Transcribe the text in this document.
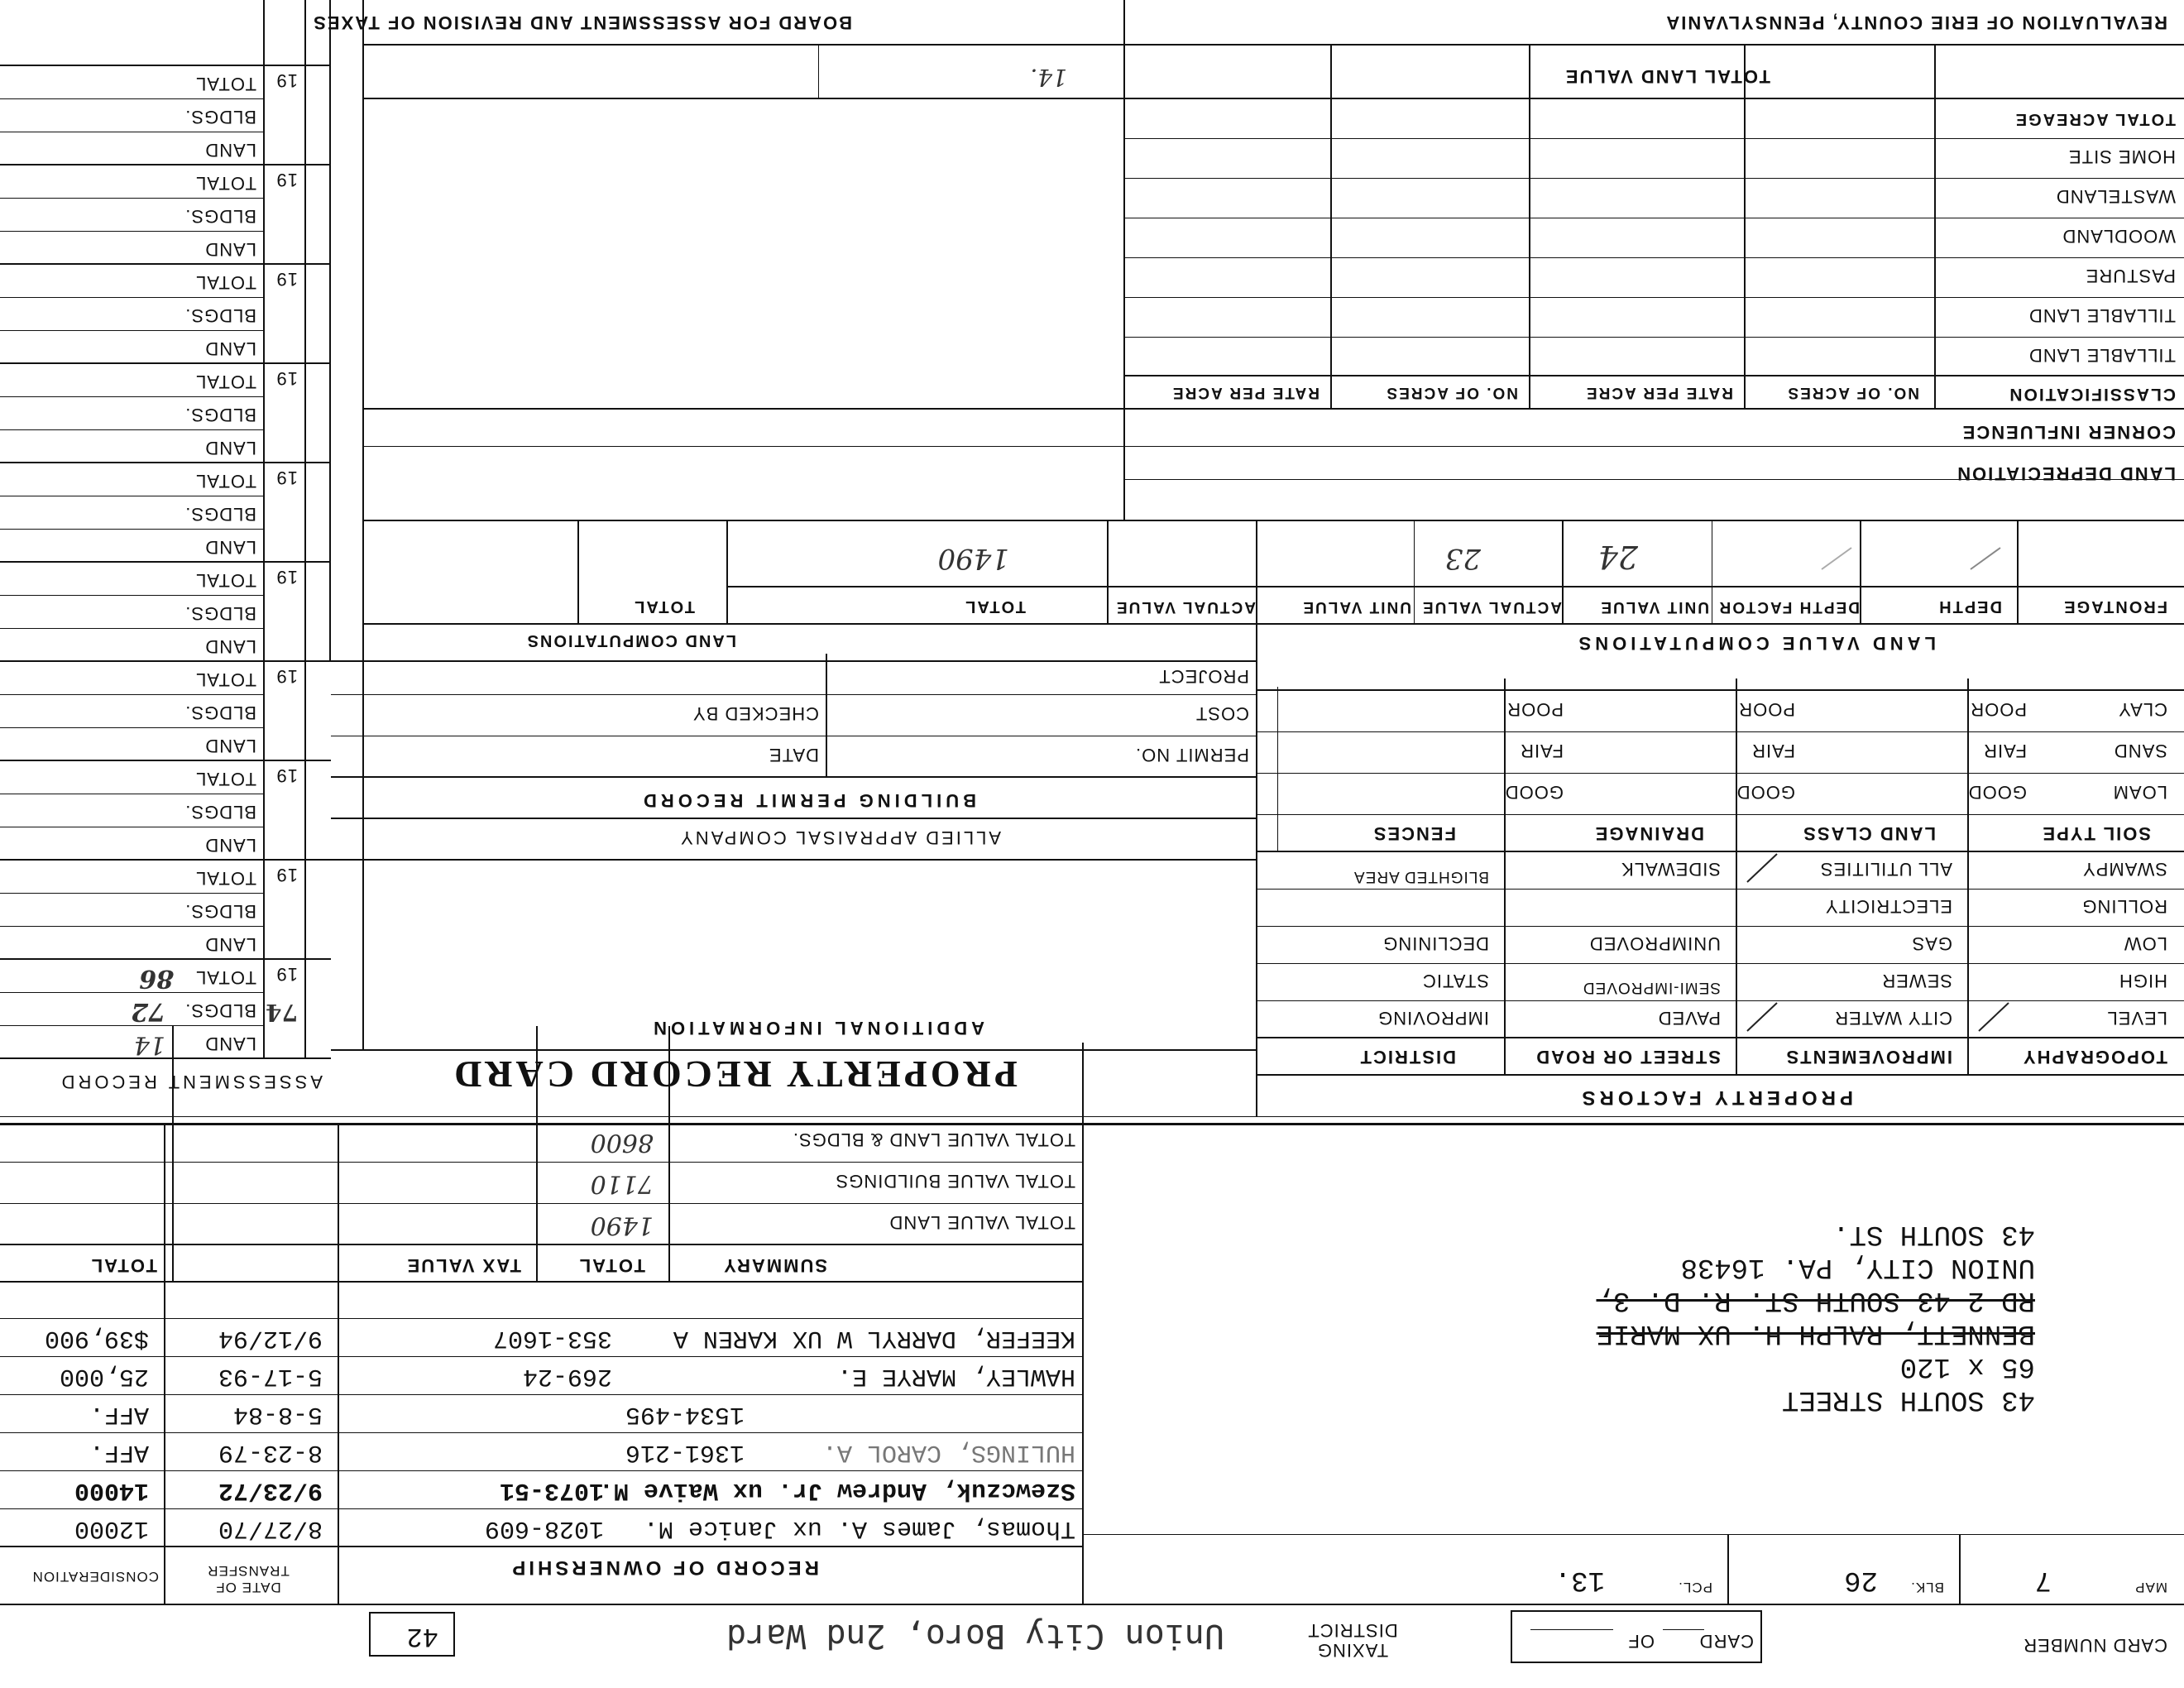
CARD NUMBER
CARD
OF
TAXING DISTRICT
Union City Boro, 2nd Ward
42
MAP
7
BLK.
26
PCL.
13.
43 SOUTH STREET
65 x 120
BENNETT, RALPH H. UX MARIE
RD 2 43 SOUTH ST. R. D. 3,
UNION CITY, PA. 16438
43 SOUTH ST.
RECORD OF OWNERSHIP
DATE OF TRANSFER
CONSIDERATION
Thomas, James A. ux Janice M.
1028-609
8/27/70
12000
Szewczuk, Andrew Jr. ux Waive M.
1073-51
9/23/72
14000
HULINGS, CAROL A.
1361-216
8-23-79
AFF.
1534-495
5-8-84
AFF.
HAWLEY, MARYE E.
269-24
5-17-93
25,000
KEEFER, DARRYL W UX KAREN A
353-1607
9/12/94
$39,900
SUMMARY
TOTAL
TAX VALUE
TOTAL
TOTAL VALUE LAND
1490
TOTAL VALUE BUILDINGS
7110
TOTAL VALUE LAND & BLDGS.
8600
PROPERTY FACTORS
TOPOGRAPHY
IMPROVEMENTS
STREET OR ROAD
DISTRICT
LEVEL
HIGH
LOW
ROLLING
SWAMPY
CITY WATER
SEWER
GAS
ELECTRICITY
ALL UTILITIES
PAVED
SEMI-IMPROVED
UNIMPROVED
SIDEWALK
IMPROVING
STATIC
DECLINING
BLIGHTED AREA
SOIL TYPE
LAND CLASS
DRAINAGE
FENCES
LOAM
SAND
CLAY
GOOD
FAIR
POOR
GOOD
FAIR
POOR
GOOD
FAIR
POOR
PROPERTY RECORD CARD
ADDITIONAL INFORMATION

ALLIED APPRAISAL COMPANY
BUILDING PERMIT RECORD
PERMIT NO.
DATE
COST
CHECKED BY
PROJECT
LAND COMPUTATIONS	LAND VALUE COMPUTATIONS
FRONTAGE
DEPTH
DEPTH FACTOR
UNIT VALUE
ACTUAL VALUE
UNIT VALUE
ACTUAL VALUE
TOTAL
TOTAL
24
23
1490
LAND DEPRECIATION
CORNER INFLUENCE
CLASSIFICATION
NO. OF ACRES
RATE PER ACRE
NO. OF ACRES
RATE PER ACRE
TILLABLE LAND
TILLABLE LAND
PASTURE
WOODLAND
WASTELAND
HOME SITE
TOTAL ACREAGE
TOTAL LAND VALUE
14.
REVALUATION OF ERIE COUNTY, PENNSYLVANIA
BOARD FOR ASSESSMENT AND REVISION OF TAXES
ASSESSMENT RECORD
19
74
LAND
BLDGS.
TOTAL
14
72
86
19
LAND
BLDGS.
TOTAL
19
LAND
BLDGS.
TOTAL
19
LAND
BLDGS.
TOTAL
19
LAND
BLDGS.
TOTAL
19
LAND
BLDGS.
TOTAL
19
LAND
BLDGS.
TOTAL
19
LAND
BLDGS.
TOTAL
19
LAND
BLDGS.
TOTAL
19
LAND
BLDGS.
TOTAL
